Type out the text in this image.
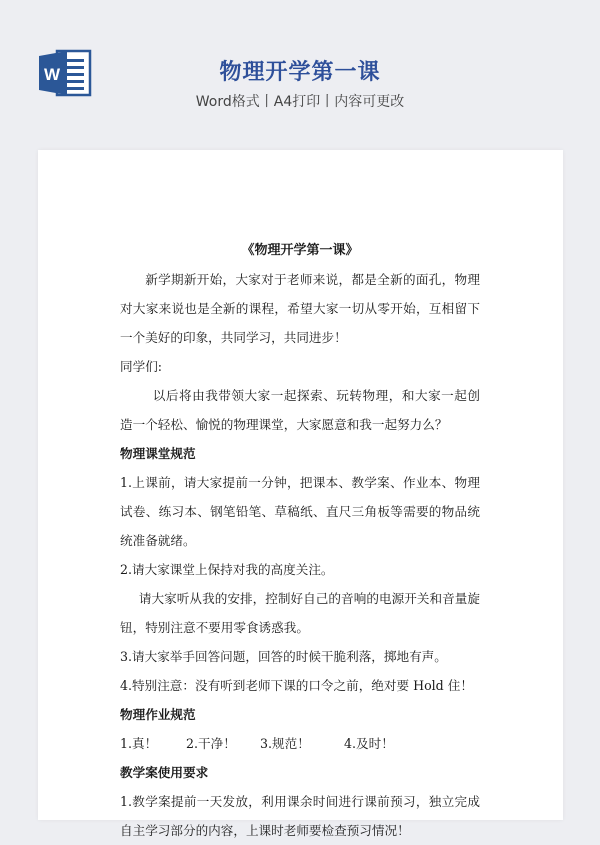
W	物理开学第一课
Word格式丨A4打印丨内容可更改
《物理开学第一课》

新学期新开始，大家对于老师来说，都是全新的面孔，物理对大家来说也是全新的课程，希望大家一切从零开始，互相留下一个美好的印象，共同学习，共同进步！

同学们:

以后将由我带领大家一起探索、玩转物理，和大家一起创造一个轻松、愉悦的物理课堂，大家愿意和我一起努力么？

物理课堂规范

1.上课前，请大家提前一分钟，把课本、教学案、作业本、物理试卷、练习本、钢笔铅笔、草稿纸、直尺三角板等需要的物品统统准备就绪。

2.请大家课堂上保持对我的高度关注。

请大家听从我的安排，控制好自己的音响的电源开关和音量旋钮，特别注意不要用零食诱惑我。

3.请大家举手回答问题，回答的时候干脆利落，掷地有声。

4.特别注意：没有听到老师下课的口令之前，绝对要 Hold 住！

物理作业规范

1.真！	2.干净！	3.规范！	4.及时！

教学案使用要求

1.教学案提前一天发放，利用课余时间进行课前预习，独立完成自主学习部分的内容，上课时老师要检查预习情况！
